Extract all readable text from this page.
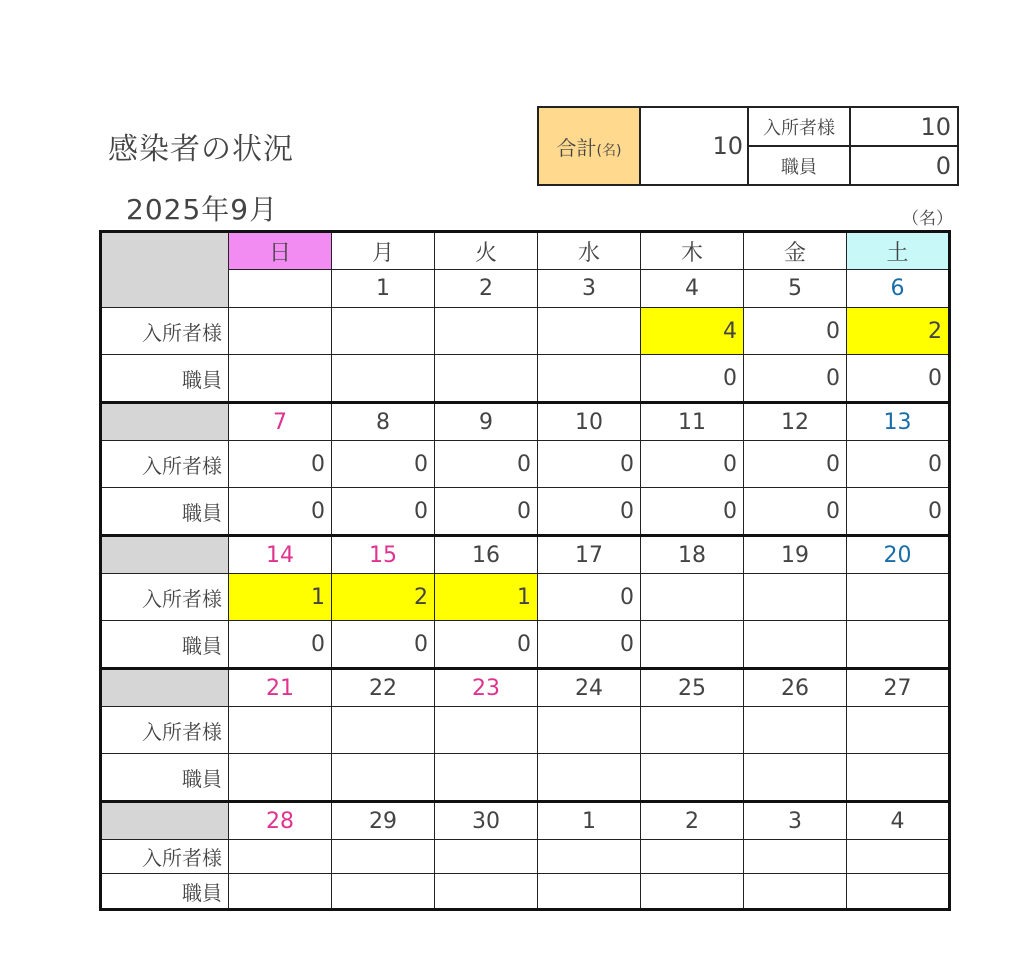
感染者の状況
2025年9月	（名）
合計(名)	10	入所者様	10
		職員	0
	日	月	火	水	木	金	土
		1	2	3	4	5	6
入所者様					4	0	2
職員					0	0	0
	7	8	9	10	11	12	13
入所者様	0	0	0	0	0	0	0
職員	0	0	0	0	0	0	0
	14	15	16	17	18	19	20
入所者様	1	2	1	0			
職員	0	0	0	0			
	21	22	23	24	25	26	27
入所者様							
職員							
	28	29	30	1	2	3	4
入所者様							
職員							
